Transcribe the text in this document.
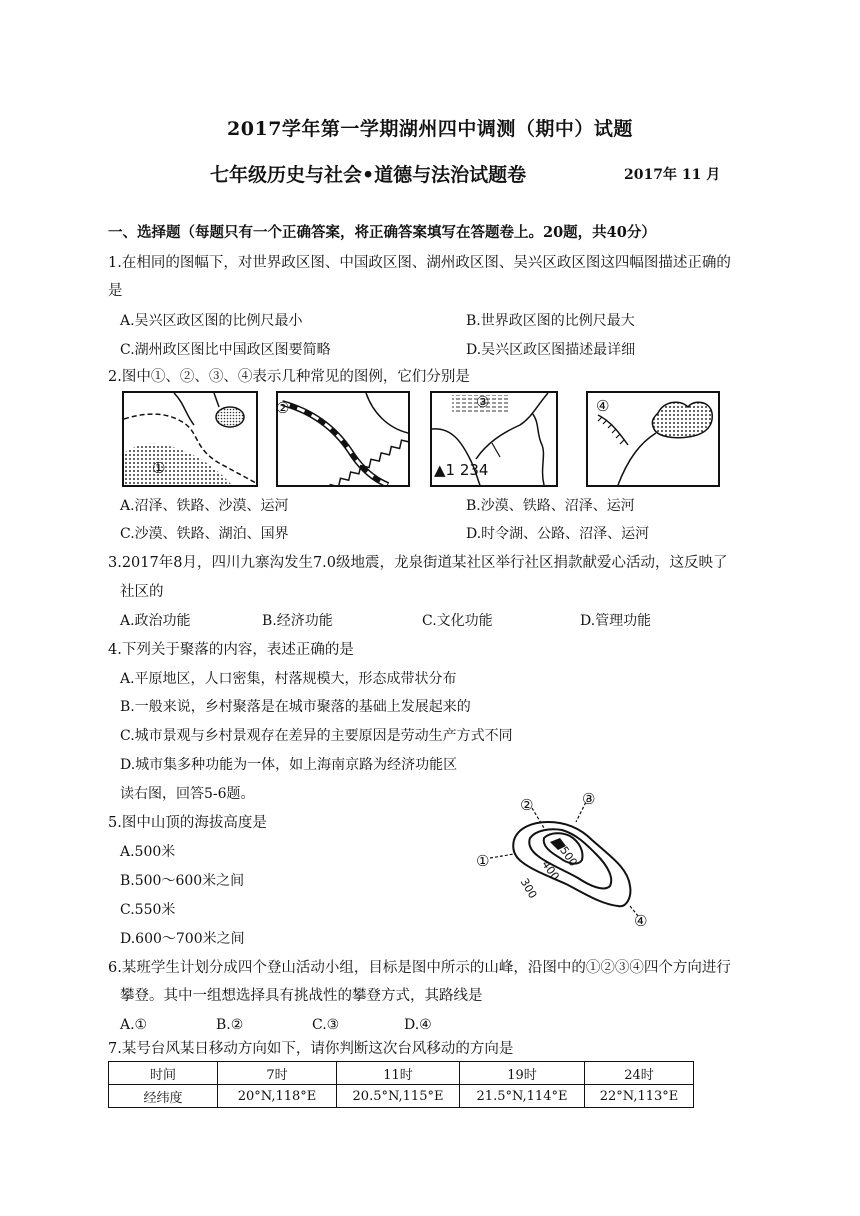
2017学年第一学期湖州四中调测（期中）试题
七年级历史与社会•道德与法治试题卷	2017年 11 月
一、选择题（每题只有一个正确答案，将正确答案填写在答题卷上。20题，共40分）
1.在相同的图幅下，对世界政区图、中国政区图、湖州政区图、吴兴区政区图这四幅图描述正确的
是
A.吴兴区政区图的比例尺最小	B.世界政区图的比例尺最大
C.湖州政区图比中国政区图要简略	D.吴兴区政区图描述最详细
2.图中①、②、③、④表示几种常见的图例，它们分别是
①
②	③
▲1 234
④
A.沼泽、铁路、沙漠、运河	B.沙漠、铁路、沼泽、运河
C.沙漠、铁路、湖泊、国界	D.时令湖、公路、沼泽、运河
3.2017年8月，四川九寨沟发生7.0级地震，龙泉街道某社区举行社区捐款献爱心活动，这反映了
社区的
A.政治功能	B.经济功能	C.文化功能	D.管理功能
4.下列关于聚落的内容，表述正确的是
A.平原地区，人口密集，村落规模大，形态成带状分布
B.一般来说，乡村聚落是在城市聚落的基础上发展起来的
C.城市景观与乡村景观存在差异的主要原因是劳动生产方式不同
D.城市集多种功能为一体，如上海南京路为经济功能区
读右图，回答5-6题。
①
②	③
④
300
400
500
5.图中山顶的海拔高度是
A.500米
B.500～600米之间
C.550米
D.600～700米之间
6.某班学生计划分成四个登山活动小组，目标是图中所示的山峰，沿图中的①②③④四个方向进行
攀登。其中一组想选择具有挑战性的攀登方式，其路线是
A.①	B.②	C.③	D.④
7.某号台风某日移动方向如下，请你判断这次台风移动的方向是
时间	7时	11时	19时	24时
经纬度	20°N,118°E	20.5°N,115°E	21.5°N,114°E	22°N,113°E
